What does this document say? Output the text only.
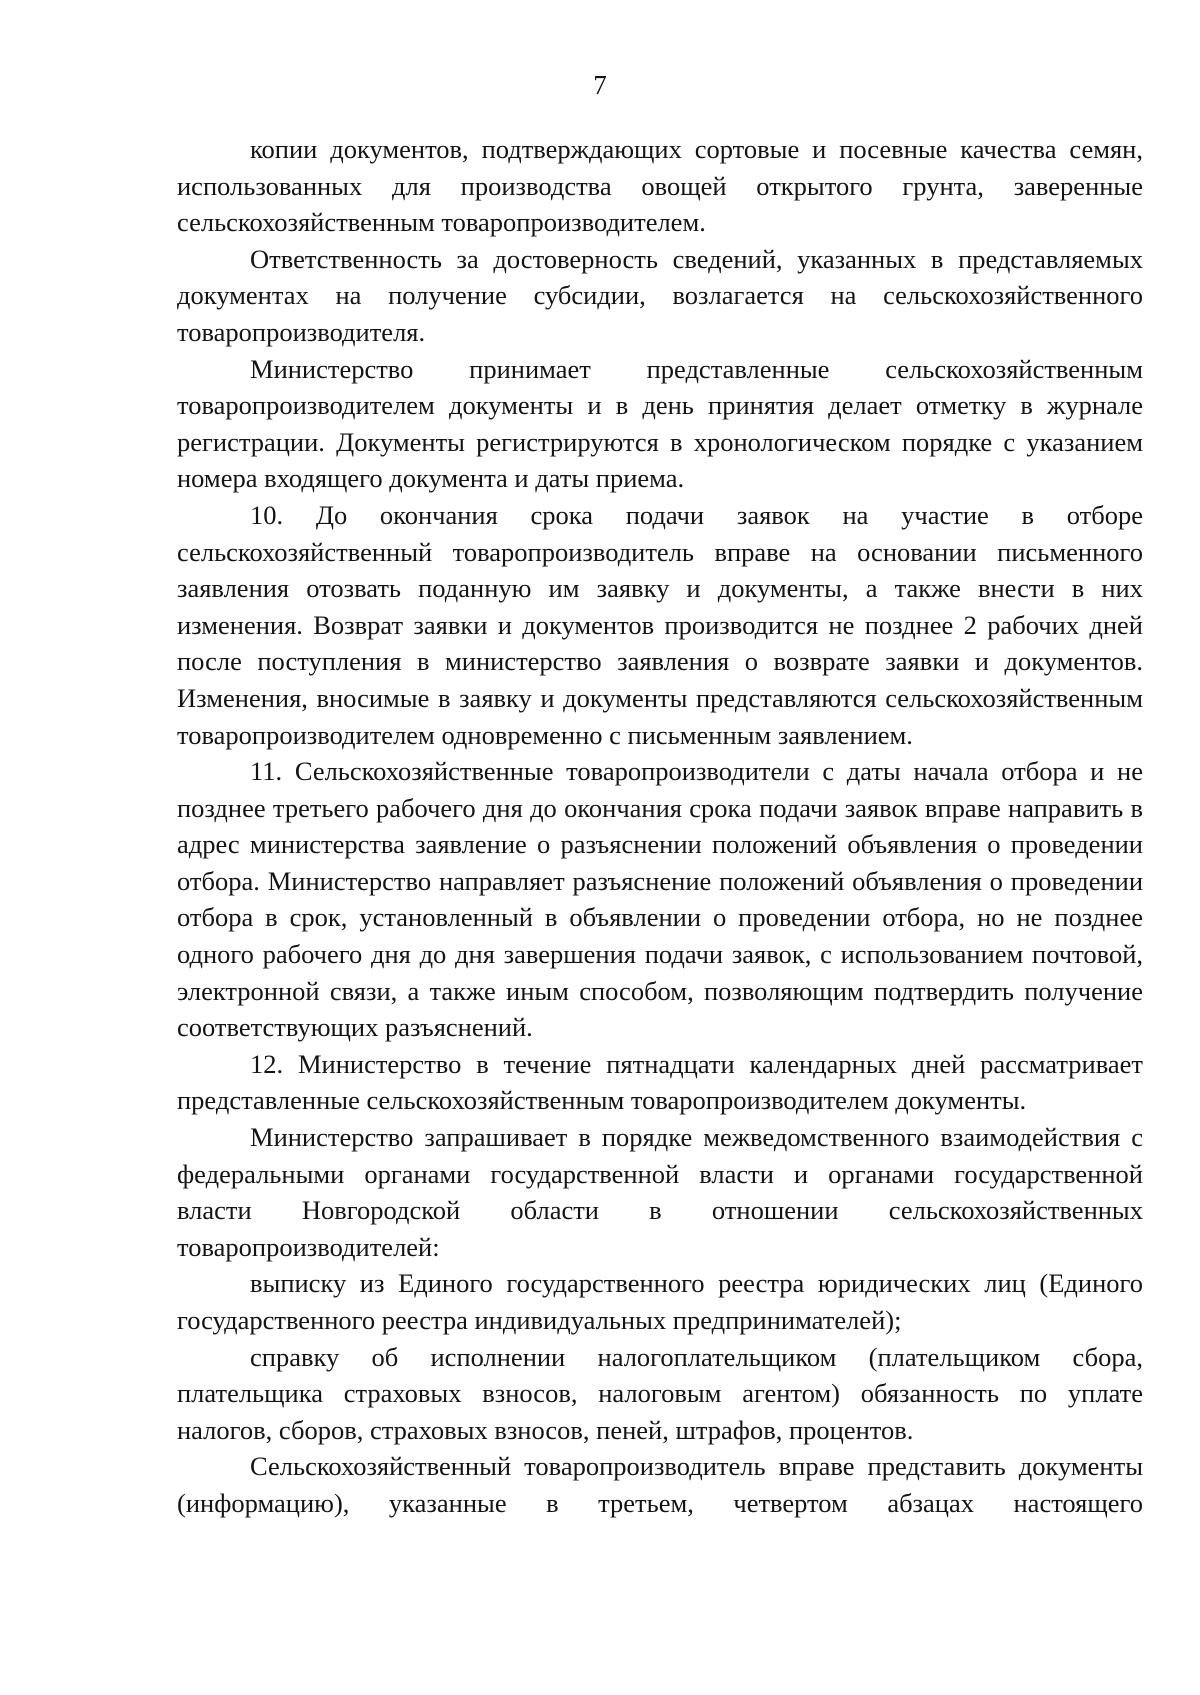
7

копии документов, подтверждающих сортовые и посевные качества семян, использованных для производства овощей открытого грунта, заверенные сельскохозяйственным товаропроизводителем.

Ответственность за достоверность сведений, указанных в представляемых документах на получение субсидии, возлагается на сельскохозяйственного товаропроизводителя.

Министерство принимает представленные сельскохозяйственным товаропроизводителем документы и в день принятия делает отметку в журнале регистрации. Документы регистрируются в хронологическом порядке с указанием номера входящего документа и даты приема.

10. До окончания срока подачи заявок на участие в отборе сельскохозяйственный товаропроизводитель вправе на основании письменного заявления отозвать поданную им заявку и документы, а также внести в них изменения. Возврат заявки и документов производится не позднее 2 рабочих дней после поступления в министерство заявления о возврате заявки и документов. Изменения, вносимые в заявку и документы представляются сельскохозяйственным товаропроизводителем одновременно с письменным заявлением.

11. Сельскохозяйственные товаропроизводители с даты начала отбора и не позднее третьего рабочего дня до окончания срока подачи заявок вправе направить в адрес министерства заявление о разъяснении положений объявления о проведении отбора. Министерство направляет разъяснение положений объявления о проведении отбора в срок, установленный в объявлении о проведении отбора, но не позднее одного рабочего дня до дня завершения подачи заявок, с использованием почтовой, электронной связи, а также иным способом, позволяющим подтвердить получение соответствующих разъяснений.

12. Министерство в течение пятнадцати календарных дней рассматривает представленные сельскохозяйственным товаропроизводителем документы.

Министерство запрашивает в порядке межведомственного взаимодействия с федеральными органами государственной власти и органами государственной власти Новгородской области в отношении сельскохозяйственных товаропроизводителей:

выписку из Единого государственного реестра юридических лиц (Единого государственного реестра индивидуальных предпринимателей);

справку об исполнении налогоплательщиком (плательщиком сбора, плательщика страховых взносов, налоговым агентом) обязанность по уплате налогов, сборов, страховых взносов, пеней, штрафов, процентов.

Сельскохозяйственный товаропроизводитель вправе представить документы (информацию), указанные в третьем, четвертом абзацах настоящего
